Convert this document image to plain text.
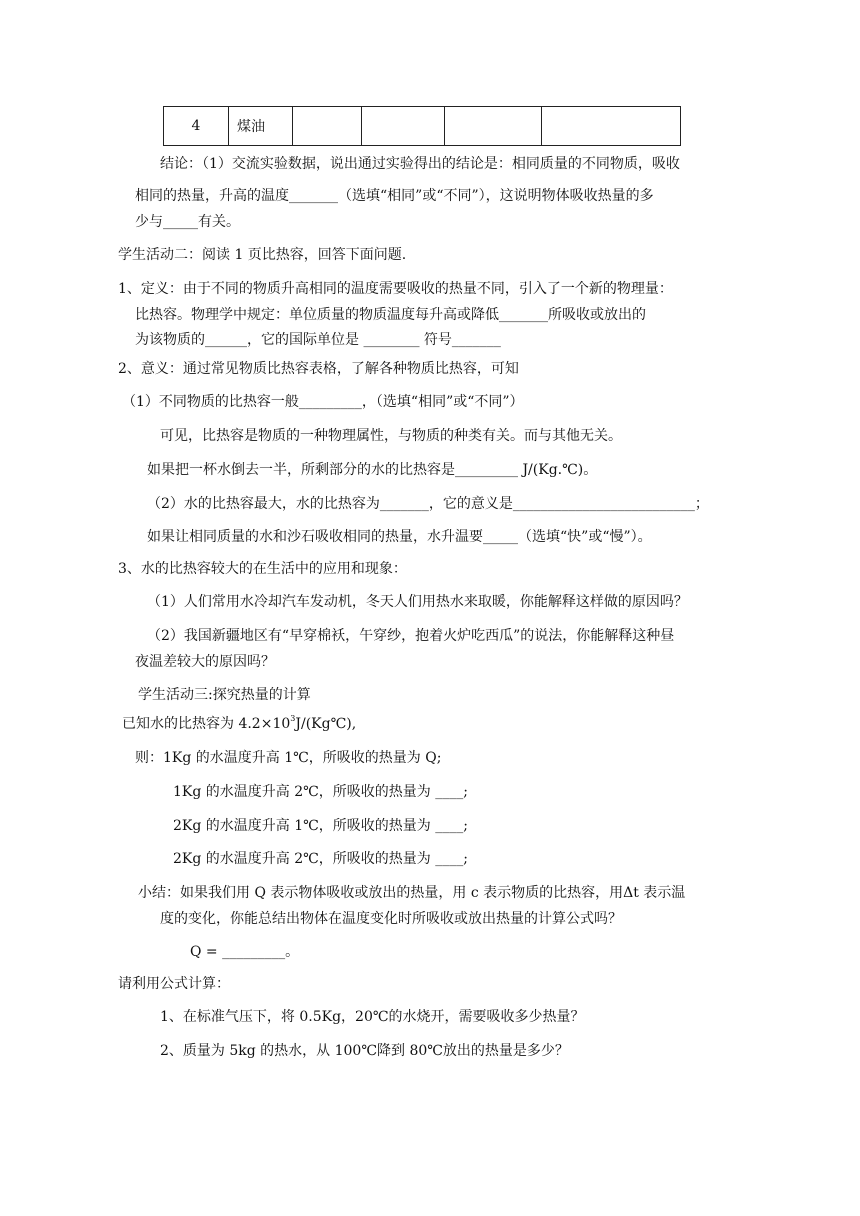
4	煤油				
结论：（1）交流实验数据，说出通过实验得出的结论是：相同质量的不同物质，吸收
相同的热量，升高的温度_______（选填“相同”或“不同”），这说明物体吸收热量的多
少与_____有关。
学生活动二：阅读 1 页比热容，回答下面问题.
1、定义：由于不同的物质升高相同的温度需要吸收的热量不同，引入了一个新的物理量：
比热容。物理学中规定：单位质量的物质温度每升高或降低_______所吸收或放出的
为该物质的______，它的国际单位是 ________ 符号_______
2、意义：通过常见物质比热容表格，了解各种物质比热容，可知
（1）不同物质的比热容一般_________，（选填“相同”或“不同”）
可见，比热容是物质的一种物理属性，与物质的种类有关。而与其他无关。
如果把一杯水倒去一半，所剩部分的水的比热容是_________ J/(Kg.℃)。
（2）水的比热容最大，水的比热容为_______，它的意义是__________________________；
如果让相同质量的水和沙石吸收相同的热量，水升温要_____（选填“快”或“慢”）。
3、水的比热容较大的在生活中的应用和现象：
（1）人们常用水冷却汽车发动机，冬天人们用热水来取暖，你能解释这样做的原因吗？
（2）我国新疆地区有“早穿棉袄，午穿纱，抱着火炉吃西瓜”的说法，你能解释这种昼
夜温差较大的原因吗？
学生活动三:探究热量的计算
已知水的比热容为 $4.2\times 10^3J/(Kg℃)$,
则：1Kg 的水温度升高 1℃，所吸收的热量为 Q;
1Kg 的水温度升高 2℃，所吸收的热量为 ____;
2Kg 的水温度升高 1℃，所吸收的热量为 ____;
2Kg 的水温度升高 2℃，所吸收的热量为 ____;
小结：如果我们用 Q 表示物体吸收或放出的热量，用 c 表示物质的比热容，用Δt 表示温
度的变化，你能总结出物体在温度变化时所吸收或放出热量的计算公式吗？
Q = _________。
请利用公式计算：
1、在标准气压下，将 0.5Kg，20℃的水烧开，需要吸收多少热量？
2、质量为 5kg 的热水，从 100℃降到 80℃放出的热量是多少？
